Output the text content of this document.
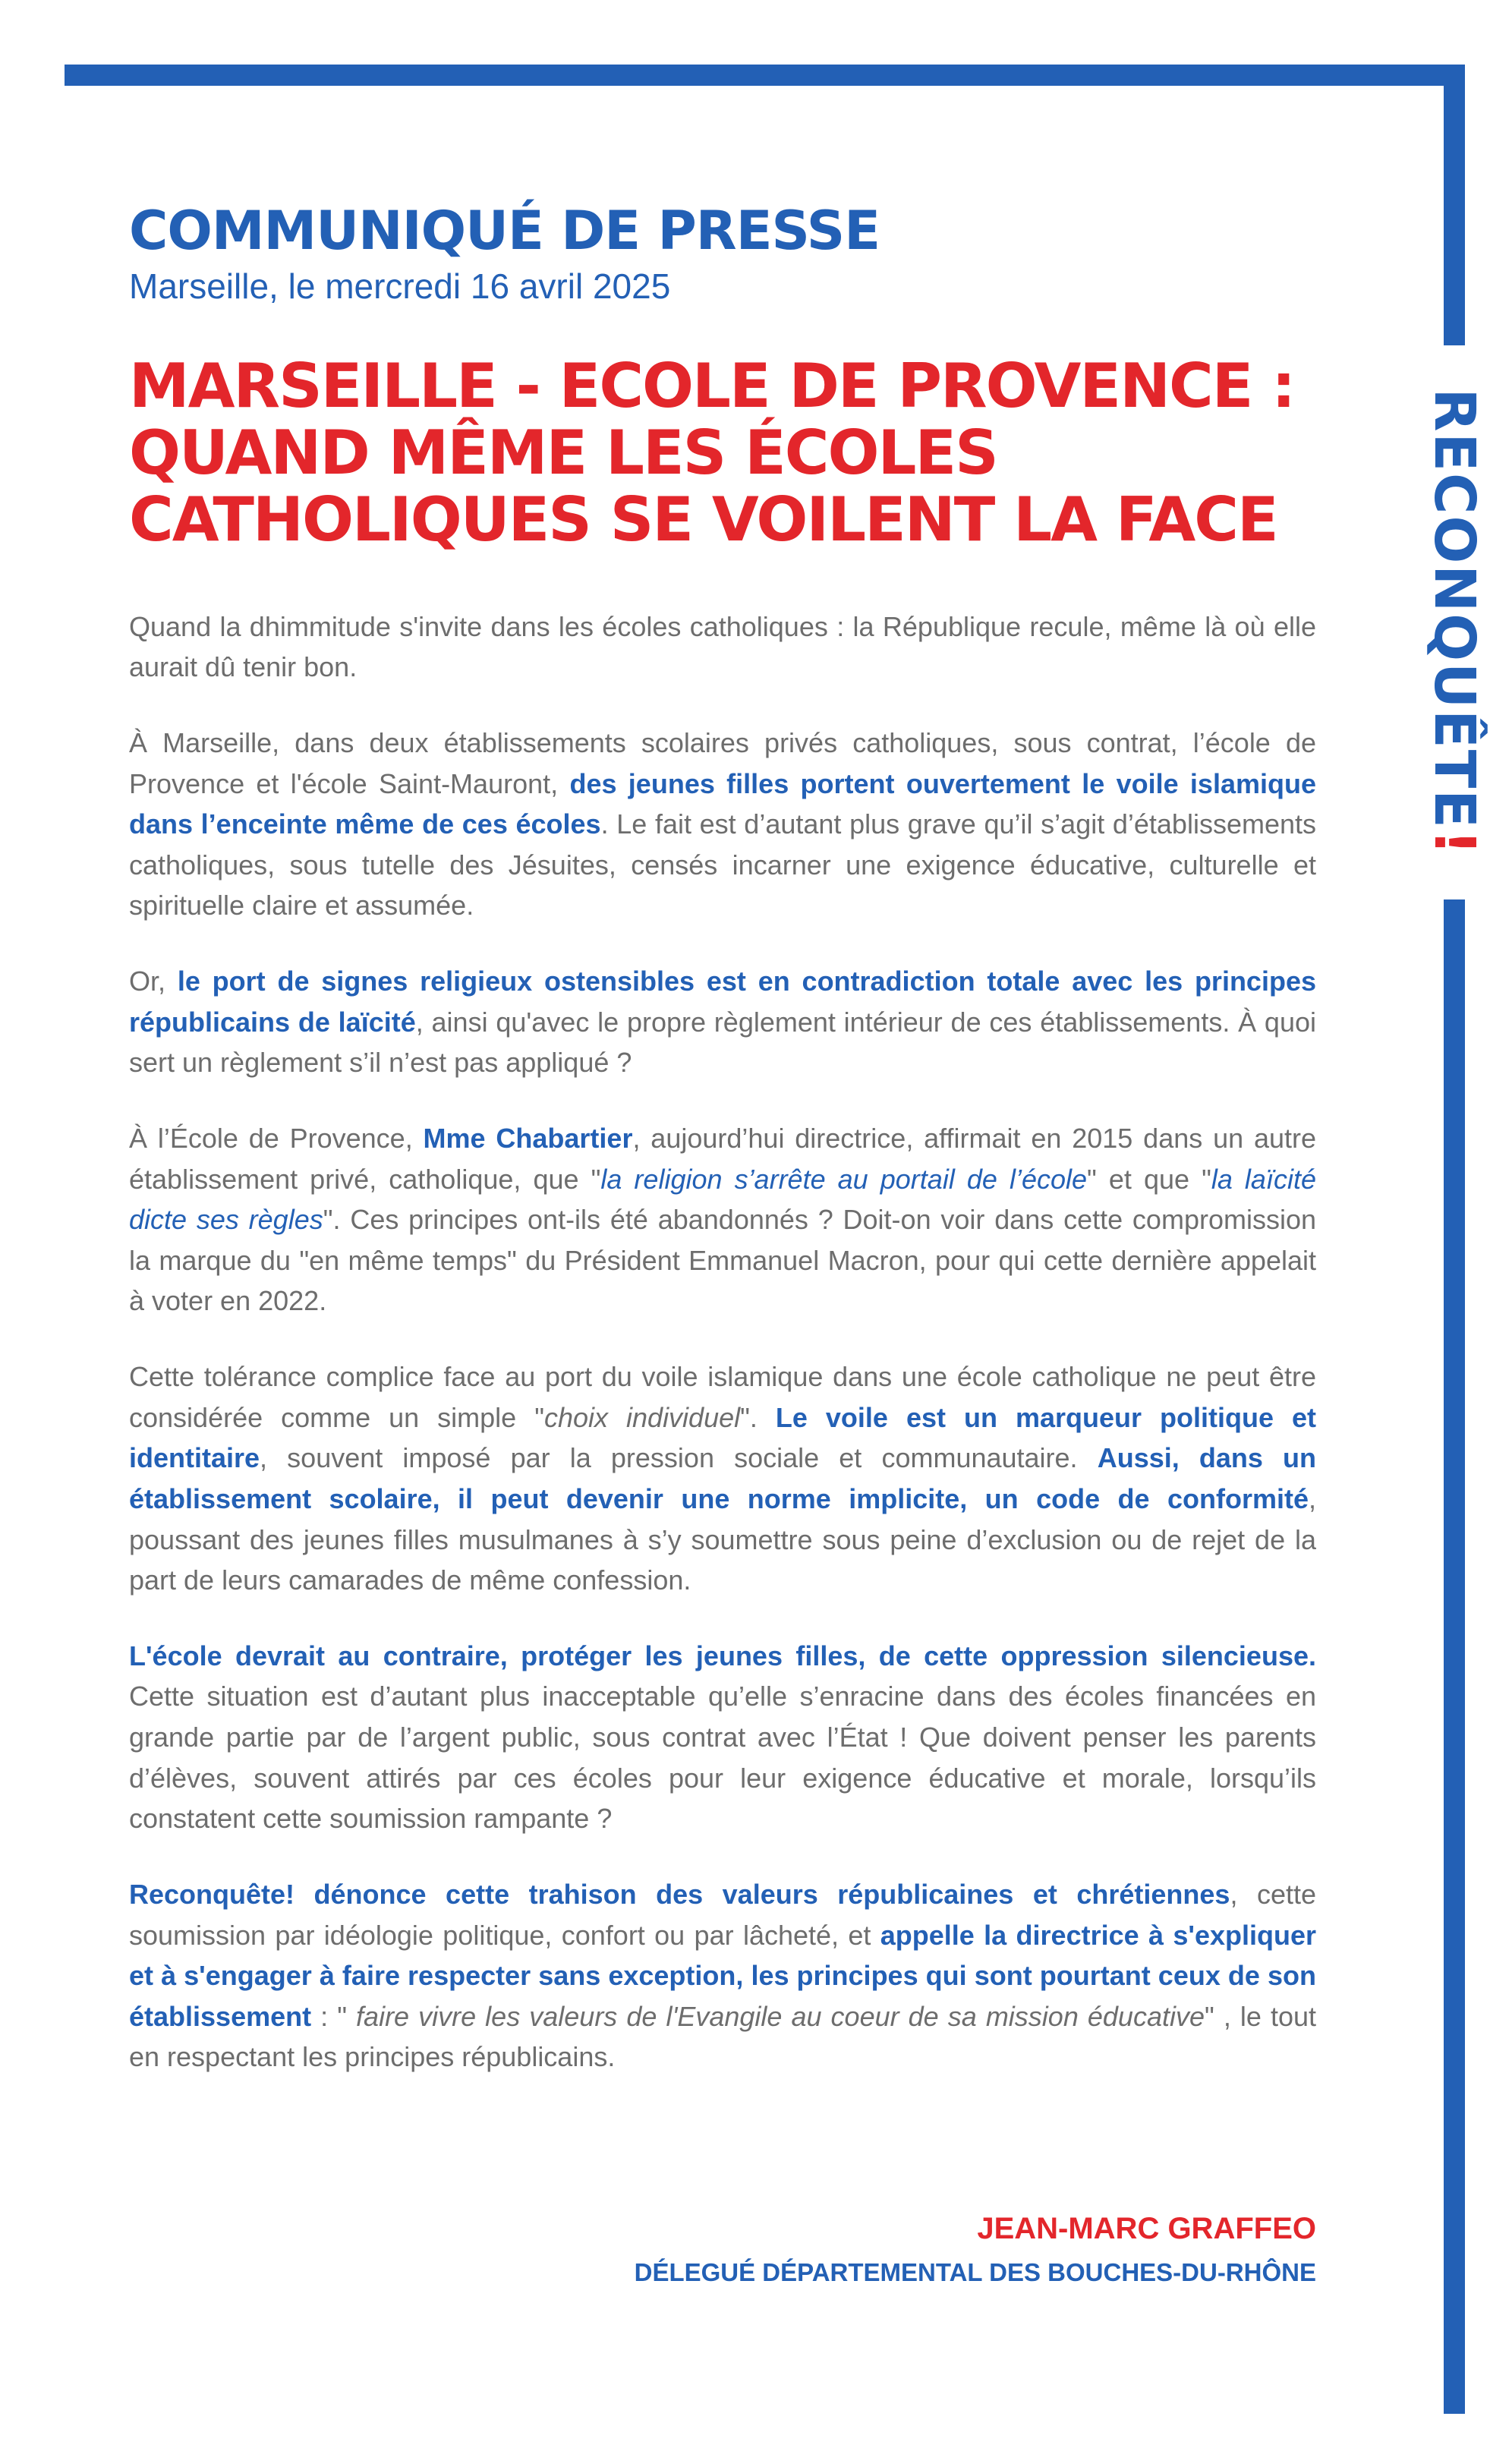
RECONQUÊTE!
COMMUNIQUÉ DE PRESSE

Marseille, le mercredi 16 avril 2025

MARSEILLE - ECOLE DE PROVENCE :
QUAND MÊME LES ÉCOLES
CATHOLIQUES SE VOILENT LA FACE

Quand la dhimmitude s'invite dans les écoles catholiques : la République recule, même là où elle aurait dû tenir bon.

À Marseille, dans deux établissements scolaires privés catholiques, sous contrat, l’école de Provence et l'école Saint-Mauront, des jeunes filles portent ouvertement le voile islamique dans l’enceinte même de ces écoles. Le fait est d’autant plus grave qu’il s’agit d’établissements catholiques, sous tutelle des Jésuites, censés incarner une exigence éducative, culturelle et spirituelle claire et assumée.

Or, le port de signes religieux ostensibles est en contradiction totale avec les principes républicains de laïcité, ainsi qu'avec le propre règlement intérieur de ces établissements. À quoi sert un règlement s’il n’est pas appliqué ?

À l’École de Provence, Mme Chabartier, aujourd’hui directrice, affirmait en 2015 dans un autre établissement privé, catholique, que "la religion s’arrête au portail de l’école" et que "la laïcité dicte ses règles". Ces principes ont-ils été abandonnés ? Doit-on voir dans cette compromission la marque du "en même temps" du Président Emmanuel Macron, pour qui cette dernière appelait à voter en 2022.

Cette tolérance complice face au port du voile islamique dans une école catholique ne peut être considérée comme un simple "choix individuel". Le voile est un marqueur politique et identitaire, souvent imposé par la pression sociale et communautaire. Aussi, dans un établissement scolaire, il peut devenir une norme implicite, un code de conformité, poussant des jeunes filles musulmanes à s’y soumettre sous peine d’exclusion ou de rejet de la part de leurs camarades de même confession.

L'école devrait au contraire, protéger les jeunes filles, de cette oppression silencieuse. Cette situation est d’autant plus inacceptable qu’elle s’enracine dans des écoles financées en grande partie par de l’argent public, sous contrat avec l’État ! Que doivent penser les parents d’élèves, souvent attirés par ces écoles pour leur exigence éducative et morale, lorsqu’ils constatent cette soumission rampante ?

Reconquête! dénonce cette trahison des valeurs républicaines et chrétiennes, cette soumission par idéologie politique, confort ou par lâcheté, et appelle la directrice à s'expliquer et à s'engager à faire respecter sans exception, les principes qui sont pourtant ceux de son établissement : " faire vivre les valeurs de l'Evangile au coeur de sa mission éducative" , le tout en respectant les principes républicains.

JEAN-MARC GRAFFEO

DÉLEGUÉ DÉPARTEMENTAL DES BOUCHES-DU-RHÔNE
